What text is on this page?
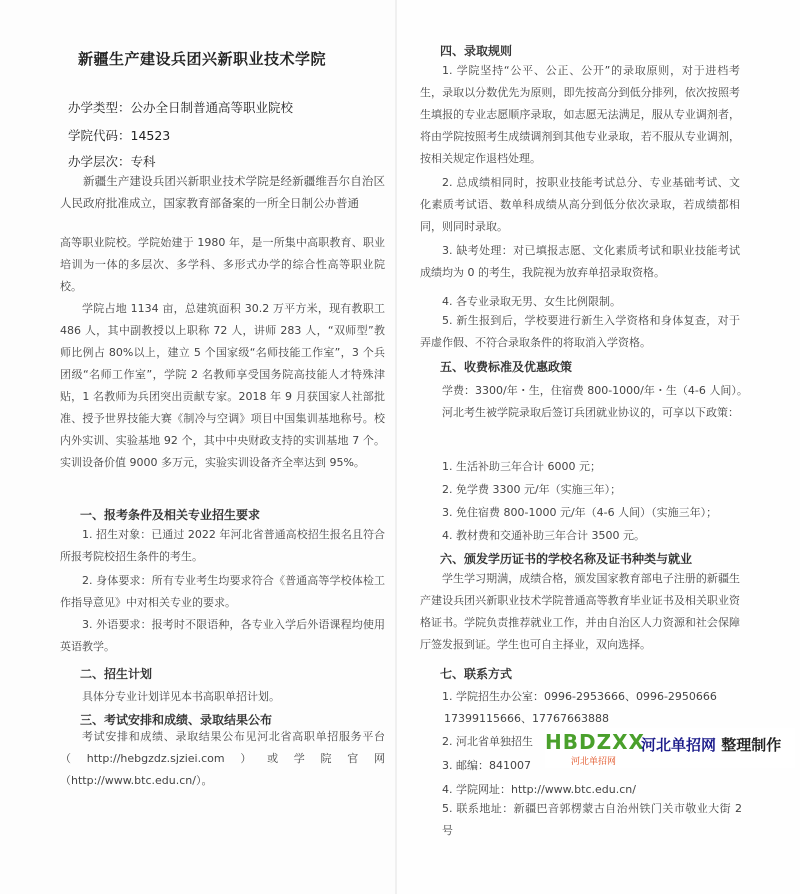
新疆生产建设兵团兴新职业技术学院
办学类型：公办全日制普通高等职业院校
学院代码：14523
办学层次：专科
新疆生产建设兵团兴新职业技术学院是经新疆维吾尔自治区人民政府批准成立，国家教育部备案的一所全日制公办普通
高等职业院校。学院始建于 1980 年，是一所集中高职教育、职业培训为一体的多层次、多学科、多形式办学的综合性高等职业院校。
学院占地 1134 亩，总建筑面积 30.2 万平方米，现有教职工 486 人，其中副教授以上职称 72 人，讲师 283 人，“双师型”教师比例占 80%以上，建立 5 个国家级“名师技能工作室”，3 个兵团级“名师工作室”，学院 2 名教师享受国务院高技能人才特殊津贴，1 名教师为兵团突出贡献专家。2018 年 9 月获国家人社部批准、授予世界技能大赛《制冷与空调》项目中国集训基地称号。校内外实训、实验基地 92 个，其中中央财政支持的实训基地 7 个。实训设备价值 9000 多万元，实验实训设备齐全率达到 95%。
一、报考条件及相关专业招生要求
1. 招生对象：已通过 2022 年河北省普通高校招生报名且符合所报考院校招生条件的考生。
2. 身体要求：所有专业考生均要求符合《普通高等学校体检工作指导意见》中对相关专业的要求。
3. 外语要求：报考时不限语种，各专业入学后外语课程均使用英语教学。
二、招生计划
具体分专业计划详见本书高职单招计划。
三、考试安排和成绩、录取结果公布
考试安排和成绩、录取结果公布见河北省高职单招服务平台（http://hebgzdz.sjziei.com）或学院官网（http://www.btc.edu.cn/）。
四、录取规则
1. 学院坚持“公平、公正、公开”的录取原则，对于进档考生，录取以分数优先为原则，即先按高分到低分排列，依次按照考生填报的专业志愿顺序录取，如志愿无法满足，服从专业调剂者，将由学院按照考生成绩调剂到其他专业录取，若不服从专业调剂，按相关规定作退档处理。
2. 总成绩相同时，按职业技能考试总分、专业基础考试、文化素质考试语、数单科成绩从高分到低分依次录取，若成绩都相同，则同时录取。
3. 缺考处理：对已填报志愿、文化素质考试和职业技能考试成绩均为 0 的考生，我院视为放弃单招录取资格。
4. 各专业录取无男、女生比例限制。
5. 新生报到后，学校要进行新生入学资格和身体复查，对于弄虚作假、不符合录取条件的将取消入学资格。
五、收费标准及优惠政策
学费：3300/年・生，住宿费 800-1000/年・生（4-6 人间）。
河北考生被学院录取后签订兵团就业协议的，可享以下政策：
1. 生活补助三年合计 6000 元；
2. 免学费 3300 元/年（实施三年）；
3. 免住宿费 800-1000 元/年（4-6 人间）（实施三年）；
4. 教材费和交通补助三年合计 3500 元。
六、颁发学历证书的学校名称及证书种类与就业
学生学习期满，成绩合格，颁发国家教育部电子注册的新疆生产建设兵团兴新职业技术学院普通高等教育毕业证书及相关职业资格证书。学院负责推荐就业工作，并由自治区人力资源和社会保障厅签发报到证。学生也可自主择业，双向选择。
七、联系方式
1. 学院招生办公室：0996-2953666、0996-2950666
17399115666、17767663888
2. 河北省单独招生
3. 邮编：841007
4. 学院网址：http://www.btc.edu.cn/
5. 联系地址：新疆巴音郭楞蒙古自治州铁门关市敬业大街 2 号
HBDZXX
河北单招网
河北单招网 整理制作
